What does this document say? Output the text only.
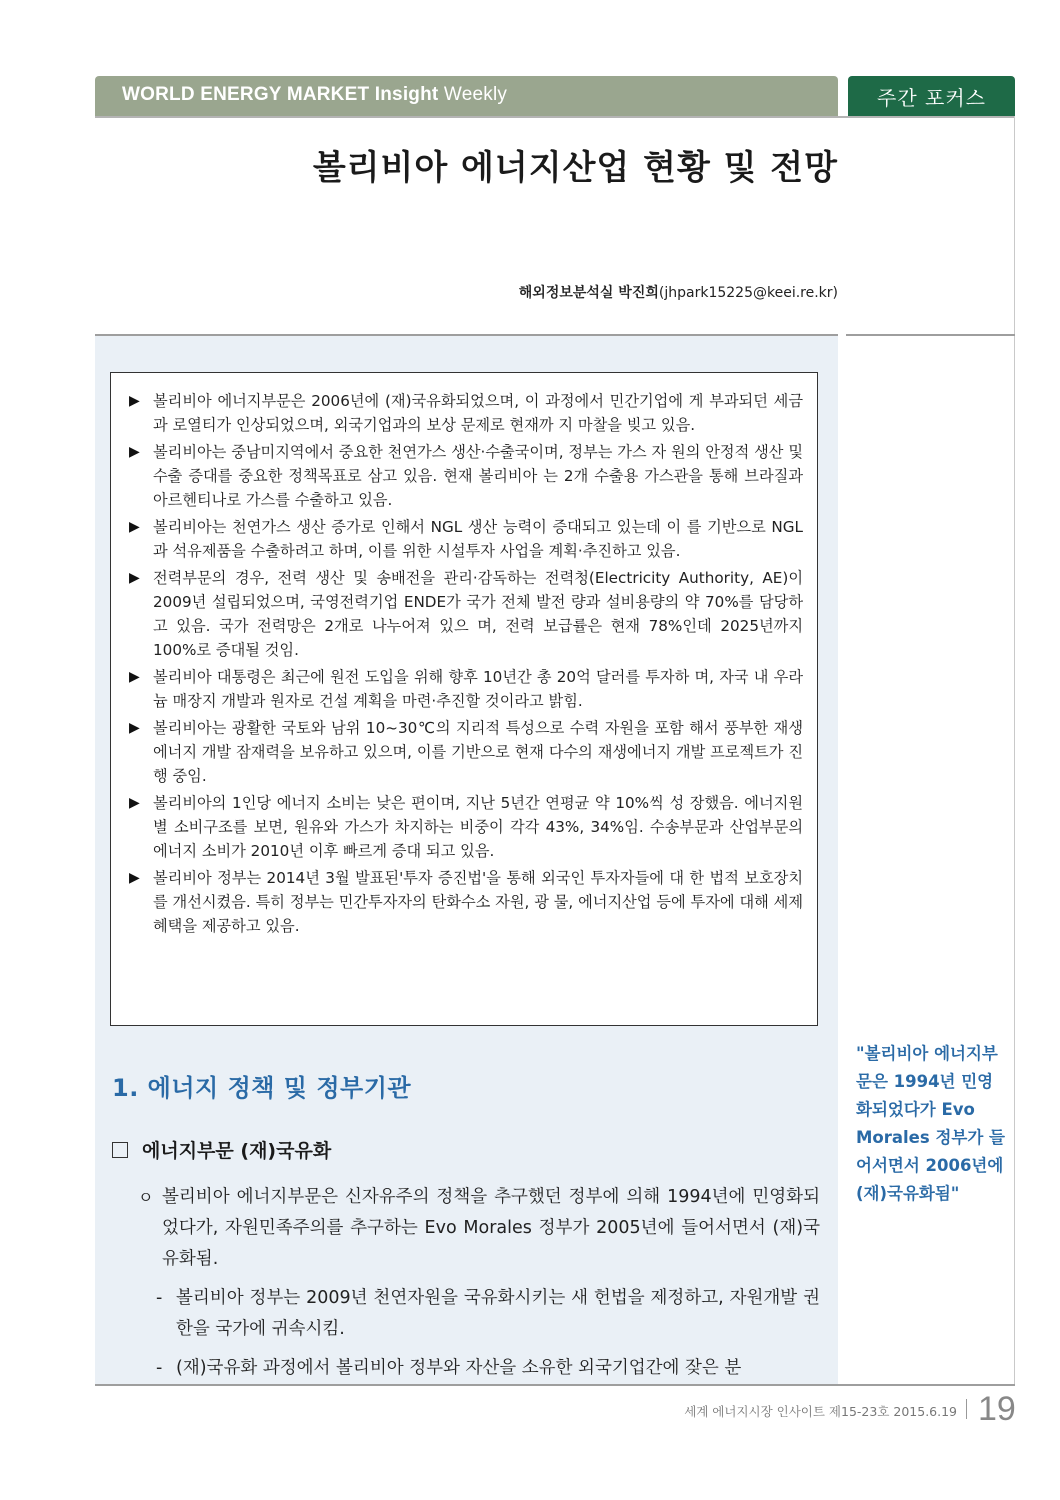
WORLD ENERGY MARKET Insight Weekly	주간 포커스
볼리비아 에너지산업 현황 및 전망
해외정보분석실 박진희(jhpark15225@keei.re.kr)
▶ 볼리비아 에너지부문은 2006년에 (재)국유화되었으며, 이 과정에서 민간기업에 게 부과되던 세금과 로열티가 인상되었으며, 외국기업과의 보상 문제로 현재까 지 마찰을 빚고 있음.
▶ 볼리비아는 중남미지역에서 중요한 천연가스 생산·수출국이며, 정부는 가스 자 원의 안정적 생산 및 수출 증대를 중요한 정책목표로 삼고 있음. 현재 볼리비아 는 2개 수출용 가스관을 통해 브라질과 아르헨티나로 가스를 수출하고 있음.
▶ 볼리비아는 천연가스 생산 증가로 인해서 NGL 생산 능력이 증대되고 있는데 이 를 기반으로 NGL과 석유제품을 수출하려고 하며, 이를 위한 시설투자 사업을 계획·추진하고 있음.
▶ 전력부문의 경우, 전력 생산 및 송배전을 관리·감독하는 전력청(Electricity Authority, AE)이 2009년 설립되었으며, 국영전력기업 ENDE가 국가 전체 발전 량과 설비용량의 약 70%를 담당하고 있음. 국가 전력망은 2개로 나누어져 있으 며, 전력 보급률은 현재 78%인데 2025년까지 100%로 증대될 것임.
▶ 볼리비아 대통령은 최근에 원전 도입을 위해 향후 10년간 총 20억 달러를 투자하 며, 자국 내 우라늄 매장지 개발과 원자로 건설 계획을 마련·추진할 것이라고 밝힘.
▶ 볼리비아는 광활한 국토와 남위 10~30℃의 지리적 특성으로 수력 자원을 포함 해서 풍부한 재생에너지 개발 잠재력을 보유하고 있으며, 이를 기반으로 현재 다수의 재생에너지 개발 프로젝트가 진행 중임.
▶ 볼리비아의 1인당 에너지 소비는 낮은 편이며, 지난 5년간 연평균 약 10%씩 성 장했음. 에너지원별 소비구조를 보면, 원유와 가스가 차지하는 비중이 각각 43%, 34%임. 수송부문과 산업부문의 에너지 소비가 2010년 이후 빠르게 증대 되고 있음.
▶ 볼리비아 정부는 2014년 3월 발표된'투자 증진법'을 통해 외국인 투자자들에 대 한 법적 보호장치를 개선시켰음. 특히 정부는 민간투자자의 탄화수소 자원, 광 물, 에너지산업 등에 투자에 대해 세제혜택을 제공하고 있음.
1. 에너지 정책 및 정부기관
에너지부문 (재)국유화
ㅇ 볼리비아 에너지부문은 신자유주의 정책을 추구했던 정부에 의해 1994년에 민영화되었다가, 자원민족주의를 추구하는 Evo Morales 정부가 2005년에 들어서면서 (재)국유화됨.
- 볼리비아 정부는 2009년 천연자원을 국유화시키는 새 헌법을 제정하고, 자원개발 권한을 국가에 귀속시킴.
- (재)국유화 과정에서 볼리비아 정부와 자산을 소유한 외국기업간에 잦은 분
"볼리비아 에너지부문은 1994년 민영화되었다가 Evo Morales 정부가 들어서면서 2006년에 (재)국유화됨"
세계 에너지시장 인사이트 제15-23호 2015.6.19 19
